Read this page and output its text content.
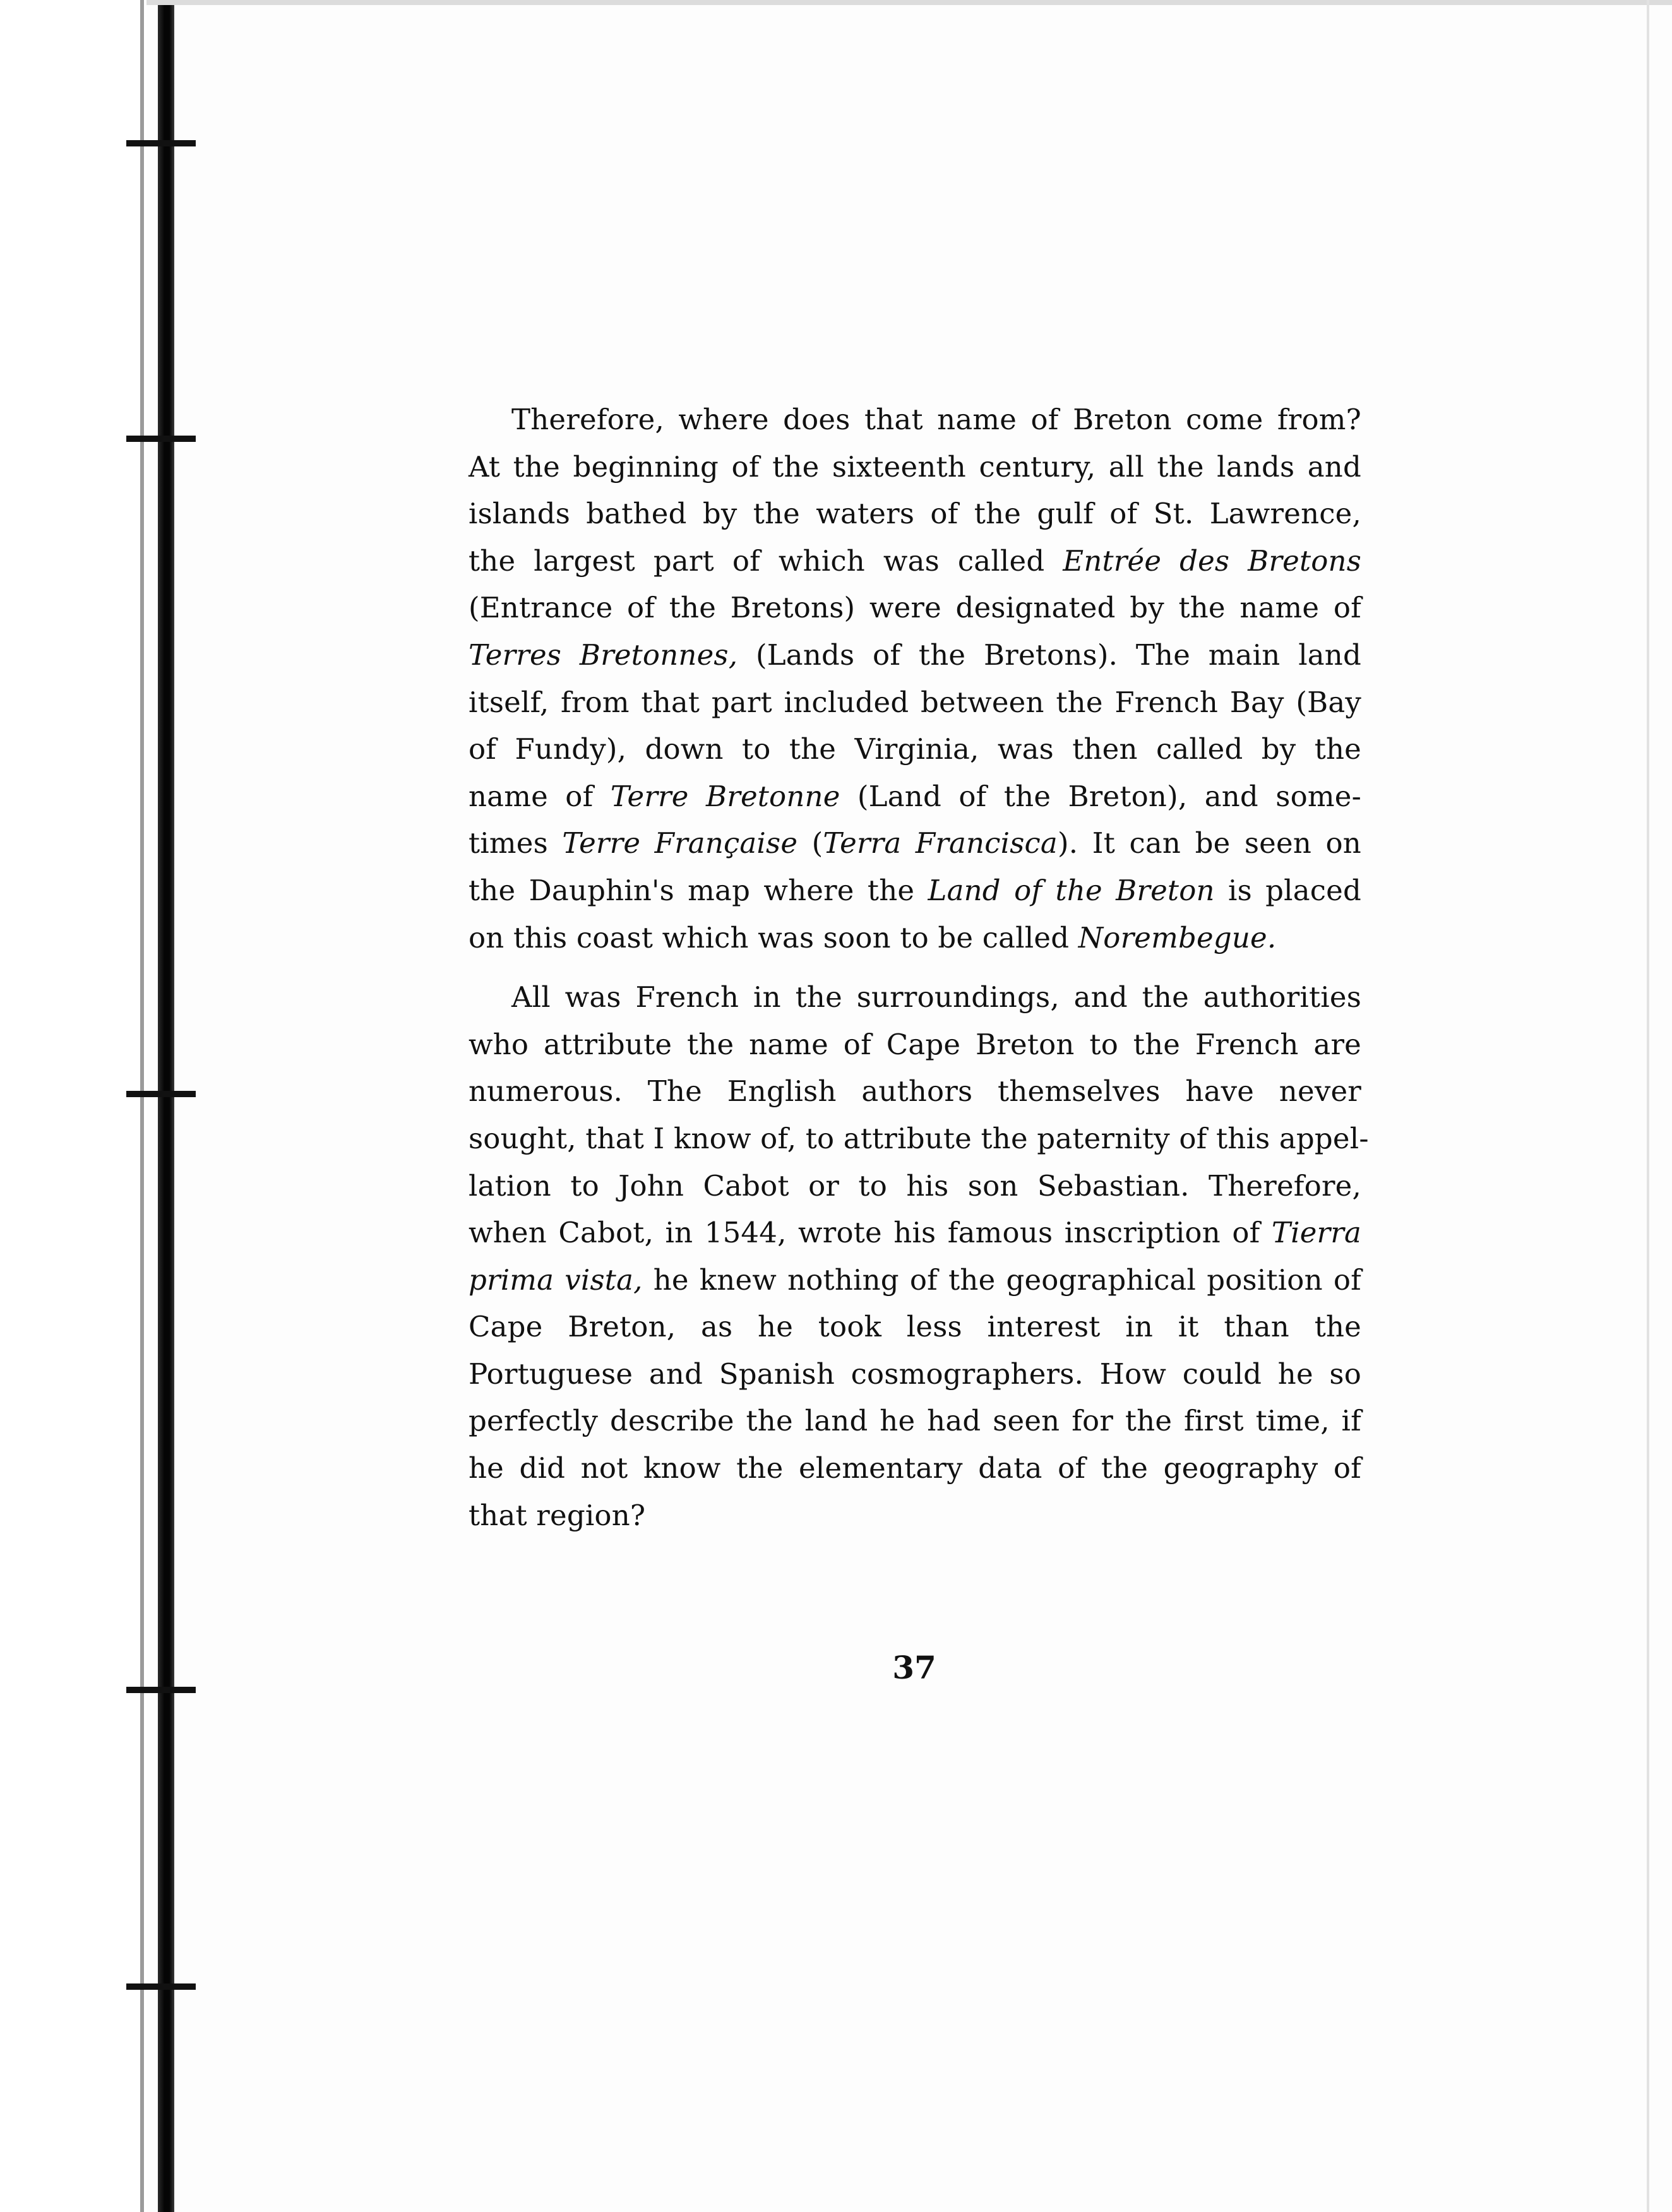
Therefore, where does that name of Breton come from?
At the beginning of the sixteenth century, all the lands and
islands bathed by the waters of the gulf of St. Lawrence,
the largest part of which was called Entrée des Bretons
(Entrance of the Bretons) were designated by the name of
Terres Bretonnes, (Lands of the Bretons). The main land
itself, from that part included between the French Bay (Bay
of Fundy), down to the Virginia, was then called by the
name of Terre Bretonne (Land of the Breton), and some-
times Terre Française (Terra Francisca). It can be seen on
the Dauphin's map where the Land of the Breton is placed
on this coast which was soon to be called Norembegue.
All was French in the surroundings, and the authorities
who attribute the name of Cape Breton to the French are
numerous. The English authors themselves have never
sought, that I know of, to attribute the paternity of this appel-
lation to John Cabot or to his son Sebastian. Therefore,
when Cabot, in 1544, wrote his famous inscription of Tierra
prima vista, he knew nothing of the geographical position of
Cape Breton, as he took less interest in it than the
Portuguese and Spanish cosmographers. How could he so
perfectly describe the land he had seen for the first time, if
he did not know the elementary data of the geography of
that region?
37
